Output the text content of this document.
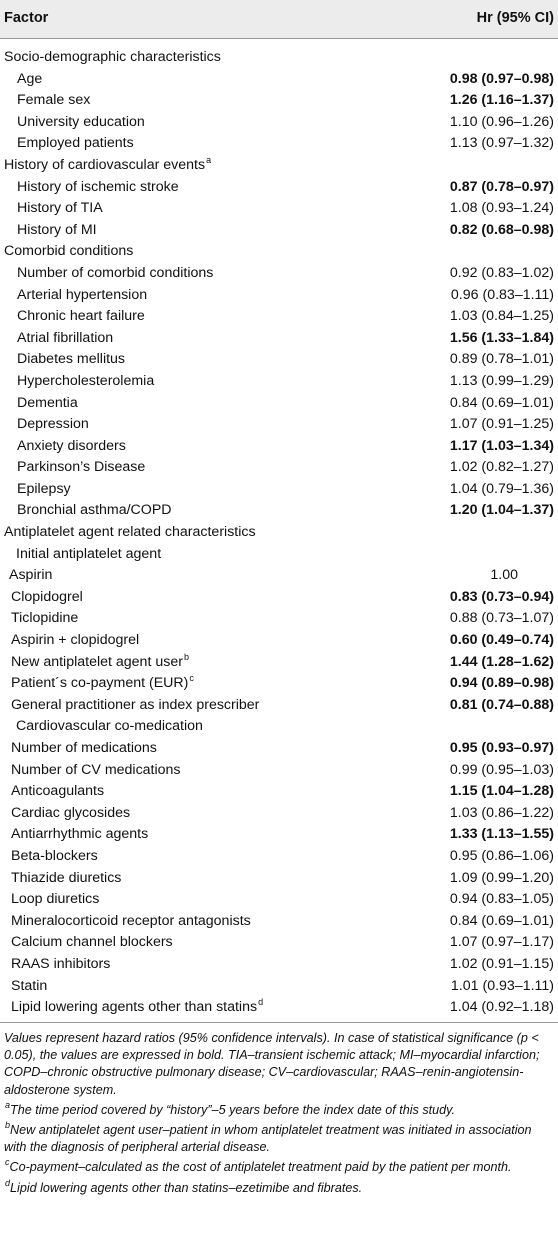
Factor	Hr (95% CI)
Socio-demographic characteristics
Age	0.98 (0.97–0.98)
Female sex	1.26 (1.16–1.37)
University education	1.10 (0.96–1.26)
Employed patients	1.13 (0.97–1.32)
History of cardiovascular events$^a$
History of ischemic stroke	0.87 (0.78–0.97)
History of TIA	1.08 (0.93–1.24)
History of MI	0.82 (0.68–0.98)
Comorbid conditions
Number of comorbid conditions	0.92 (0.83–1.02)
Arterial hypertension	0.96 (0.83–1.11)
Chronic heart failure	1.03 (0.84–1.25)
Atrial fibrillation	1.56 (1.33–1.84)
Diabetes mellitus	0.89 (0.78–1.01)
Hypercholesterolemia	1.13 (0.99–1.29)
Dementia	0.84 (0.69–1.01)
Depression	1.07 (0.91–1.25)
Anxiety disorders	1.17 (1.03–1.34)
Parkinson’s Disease	1.02 (0.82–1.27)
Epilepsy	1.04 (0.79–1.36)
Bronchial asthma/COPD	1.20 (1.04–1.37)
Antiplatelet agent related characteristics
Initial antiplatelet agent
Aspirin	1.00
Clopidogrel	0.83 (0.73–0.94)
Ticlopidine	0.88 (0.73–1.07)
Aspirin + clopidogrel	0.60 (0.49–0.74)
New antiplatelet agent user$^b$	1.44 (1.28–1.62)
Patient´s co-payment (EUR)$^c$	0.94 (0.89–0.98)
General practitioner as index prescriber	0.81 (0.74–0.88)
Cardiovascular co-medication
Number of medications	0.95 (0.93–0.97)
Number of CV medications	0.99 (0.95–1.03)
Anticoagulants	1.15 (1.04–1.28)
Cardiac glycosides	1.03 (0.86–1.22)
Antiarrhythmic agents	1.33 (1.13–1.55)
Beta-blockers	0.95 (0.86–1.06)
Thiazide diuretics	1.09 (0.99–1.20)
Loop diuretics	0.94 (0.83–1.05)
Mineralocorticoid receptor antagonists	0.84 (0.69–1.01)
Calcium channel blockers	1.07 (0.97–1.17)
RAAS inhibitors	1.02 (0.91–1.15)
Statin	1.01 (0.93–1.11)
Lipid lowering agents other than statins$^d$	1.04 (0.92–1.18)

Values represent hazard ratios (95% confidence intervals). In case of statistical significance (p < 0.05), the values are expressed in bold. TIA–transient ischemic attack; MI–myocardial infarction; COPD–chronic obstructive pulmonary disease; CV–cardiovascular; RAAS–renin-angiotensin-aldosterone system.

$^a$The time period covered by “history”–5 years before the index date of this study.

$^b$New antiplatelet agent user–patient in whom antiplatelet treatment was initiated in association with the diagnosis of peripheral arterial disease.

$^c$Co-payment–calculated as the cost of antiplatelet treatment paid by the patient per month.

$^d$Lipid lowering agents other than statins–ezetimibe and fibrates.
